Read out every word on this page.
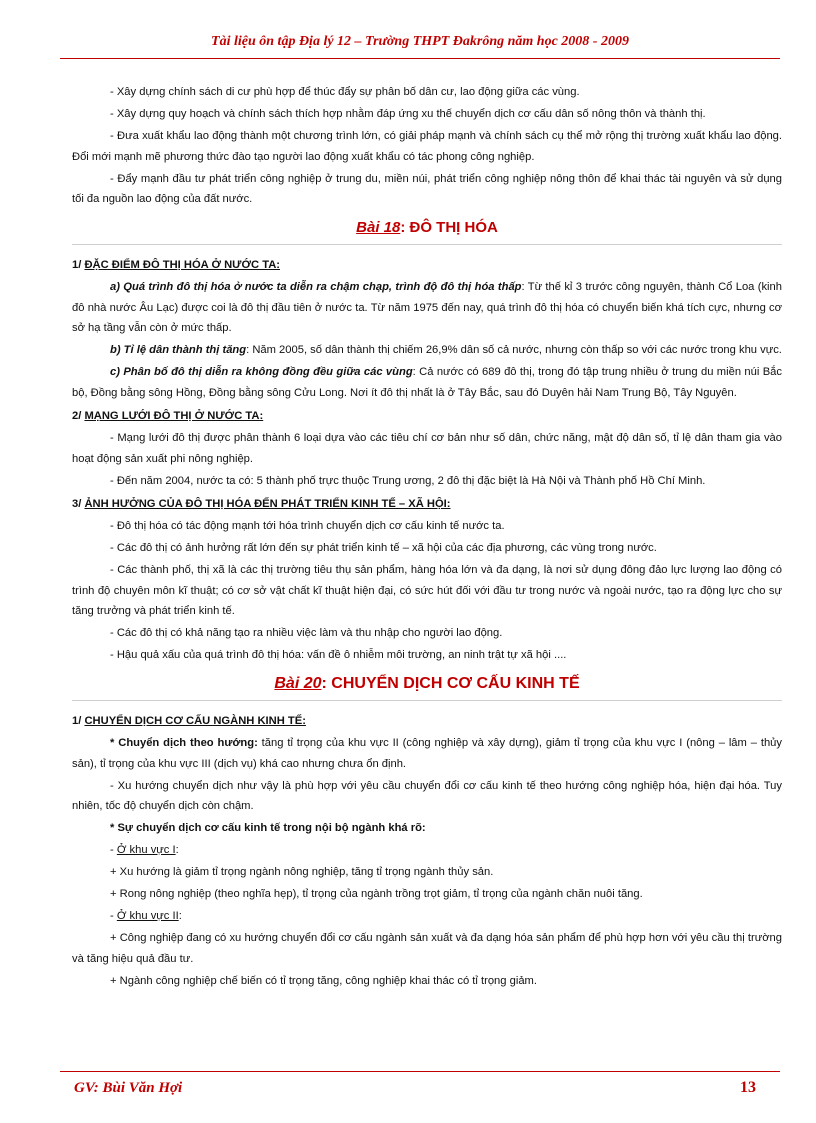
Tài liệu ôn tập Địa lý 12 – Trường THPT Đakrông năm học 2008 - 2009

- Xây dựng chính sách di cư phù hợp để thúc đẩy sự phân bố dân cư, lao động giữa các vùng.

- Xây dựng quy hoạch và chính sách thích hợp nhằm đáp ứng xu thế chuyển dịch cơ cấu dân số nông thôn và thành thị.

- Đưa xuất khẩu lao động thành một chương trình lớn, có giải pháp mạnh và chính sách cụ thể mở rộng thị trường xuất khẩu lao động. Đổi mới mạnh mẽ phương thức đào tạo người lao động xuất khẩu có tác phong công nghiệp.

- Đẩy mạnh đầu tư phát triển công nghiệp ở trung du, miền núi, phát triển công nghiệp nông thôn để khai thác tài nguyên và sử dụng tối đa nguồn lao động của đất nước.

Bài 18: ĐÔ THỊ HÓA
1/ ĐẶC ĐIỂM ĐÔ THỊ HÓA Ở NƯỚC TA:

a) Quá trình đô thị hóa ở nước ta diễn ra chậm chạp, trình độ đô thị hóa thấp: Từ thế kỉ 3 trước công nguyên, thành Cổ Loa (kinh đô nhà nước Âu Lạc) được coi là đô thị đầu tiên ở nước ta. Từ năm 1975 đến nay, quá trình đô thị hóa có chuyển biến khá tích cực, nhưng cơ sở hạ tầng vẫn còn ở mức thấp.

b) Tỉ lệ dân thành thị tăng: Năm 2005, số dân thành thị chiếm 26,9% dân số cả nước, nhưng còn thấp so với các nước trong khu vực.

c) Phân bố đô thị diễn ra không đồng đều giữa các vùng: Cả nước có 689 đô thị, trong đó tập trung nhiều ở trung du miền núi Bắc bộ, Đồng bằng sông Hồng, Đồng bằng sông Cửu Long. Nơi ít đô thị nhất là ở Tây Bắc, sau đó Duyên hải Nam Trung Bộ, Tây Nguyên.

2/ MẠNG LƯỚI ĐÔ THỊ Ở NƯỚC TA:

- Mạng lưới đô thị được phân thành 6 loại dựa vào các tiêu chí cơ bản như số dân, chức năng, mật độ dân số, tỉ lệ dân tham gia vào hoạt động sản xuất phi nông nghiệp.

- Đến năm 2004, nước ta có: 5 thành phố trực thuộc Trung ương, 2 đô thị đặc biệt là Hà Nội và Thành phố Hồ Chí Minh.

3/ ẢNH HƯỞNG CỦA ĐÔ THỊ HÓA ĐẾN PHÁT TRIỂN KINH TẾ – XÃ HỘI:

- Đô thị hóa có tác động mạnh tới hóa trình chuyển dịch cơ cấu kinh tế nước ta.

- Các đô thị có ảnh hưởng rất lớn đến sự phát triển kinh tế – xã hội của các địa phương, các vùng trong nước.

- Các thành phố, thị xã là các thị trường tiêu thụ sản phẩm, hàng hóa lớn và đa dạng, là nơi sử dụng đông đảo lực lượng lao động có trình độ chuyên môn kĩ thuật; có cơ sở vật chất kĩ thuật hiện đại, có sức hút đối với đầu tư trong nước và ngoài nước, tạo ra động lực cho sự tăng trưởng và phát triển kinh tế.

- Các đô thị có khả năng tạo ra nhiều việc làm và thu nhập cho người lao động.

- Hậu quả xấu của quá trình đô thị hóa: vấn đề ô nhiễm môi trường, an ninh trật tự xã hội ....

Bài 20: CHUYỂN DỊCH CƠ CẤU KINH TẾ
1/ CHUYỂN DỊCH CƠ CẤU NGÀNH KINH TẾ:

* Chuyển dịch theo hướng: tăng tỉ trọng của khu vực II (công nghiệp và xây dựng), giảm tỉ trọng của khu vực I (nông – lâm – thủy sản), tỉ trọng của khu vực III (dịch vụ) khá cao nhưng chưa ổn định.

- Xu hướng chuyển dịch như vậy là phù hợp với yêu cầu chuyển đổi cơ cấu kinh tế theo hướng công nghiệp hóa, hiện đại hóa. Tuy nhiên, tốc độ chuyển dịch còn chậm.

* Sự chuyển dịch cơ cấu kinh tế trong nội bộ ngành khá rõ:

- Ở khu vực I:

+ Xu hướng là giảm tỉ trọng ngành nông nghiệp, tăng tỉ trọng ngành thủy sản.

+ Rong nông nghiệp (theo nghĩa hẹp), tỉ trọng của ngành trồng trọt giảm, tỉ trọng của ngành chăn nuôi tăng.

- Ở khu vực II:

+ Công nghiệp đang có xu hướng chuyển đổi cơ cấu ngành sản xuất và đa dạng hóa sản phẩm để phù hợp hơn với yêu cầu thị trường và tăng hiệu quả đầu tư.

+ Ngành công nghiệp chế biến có tỉ trọng tăng, công nghiệp khai thác có tỉ trọng giảm.

GV: Bùi Văn Hợi	13
